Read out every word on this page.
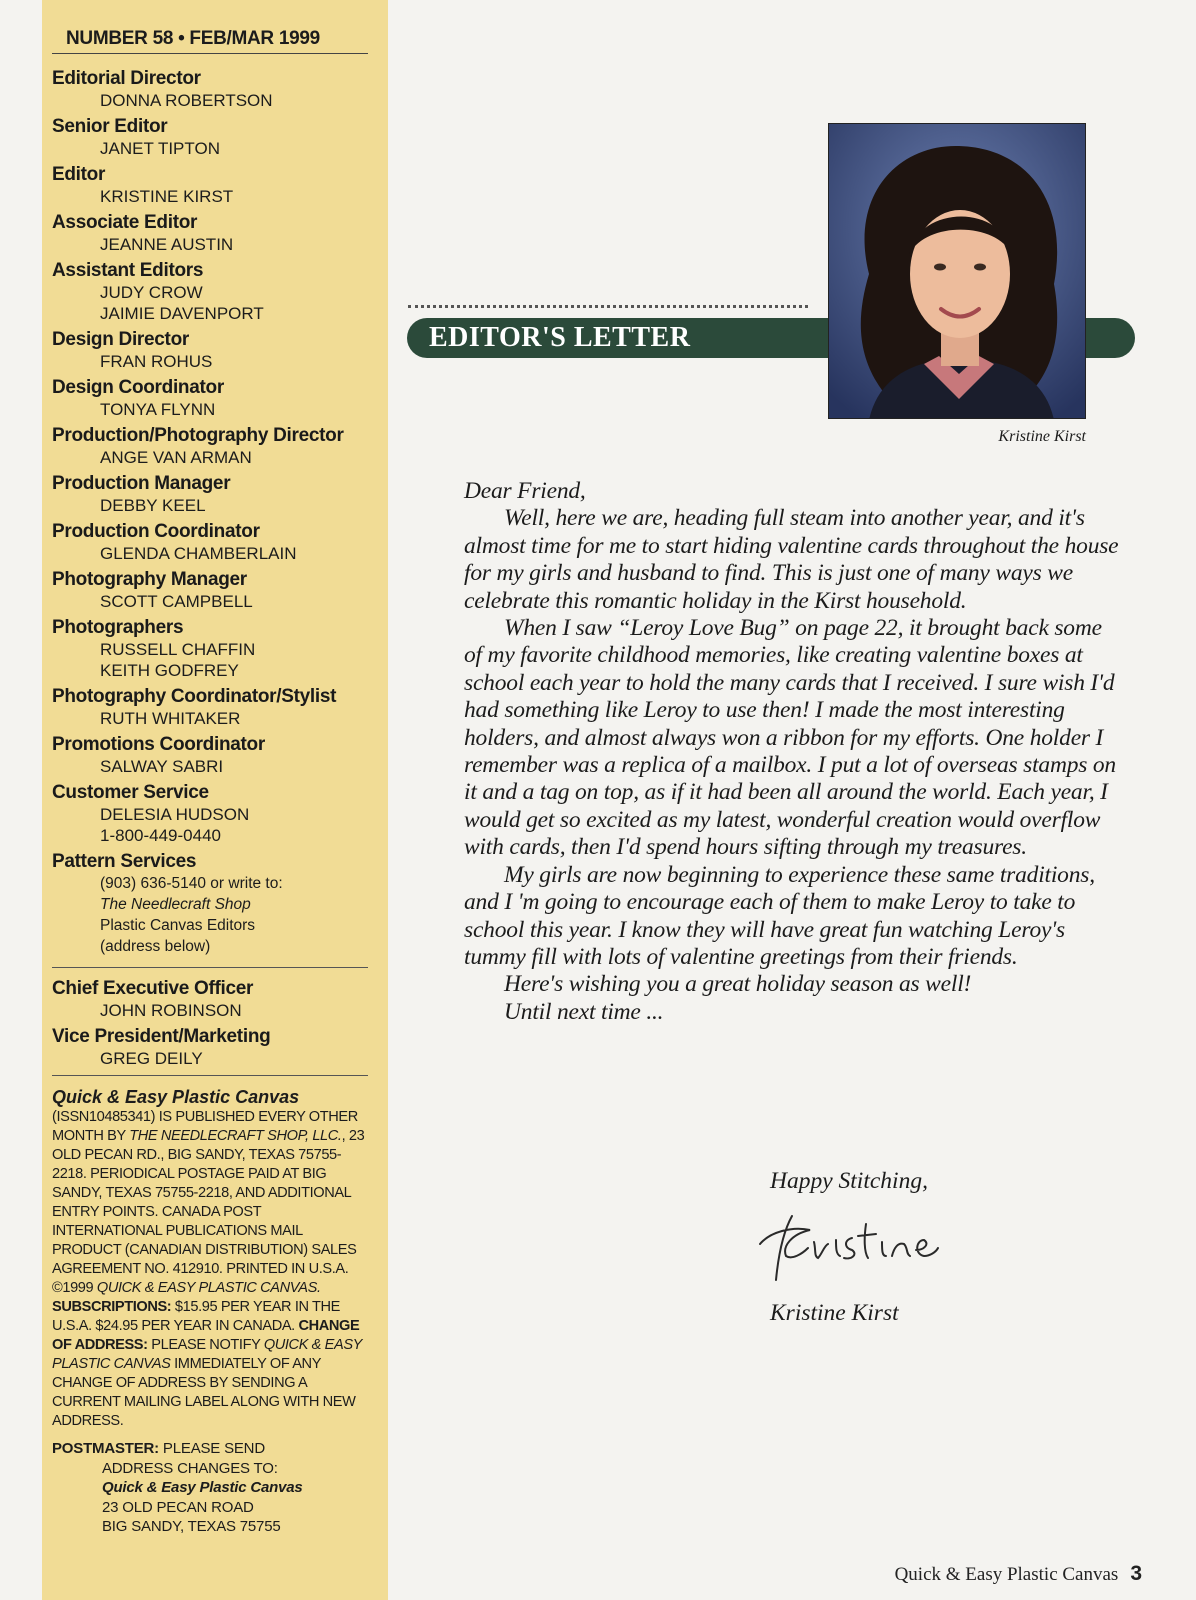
NUMBER 58 • FEB/MAR 1999
Editorial Director
DONNA ROBERTSON
Senior Editor
JANET TIPTON
Editor
KRISTINE KIRST
Associate Editor
JEANNE AUSTIN
Assistant Editors
JUDY CROW
JAIMIE DAVENPORT
Design Director
FRAN ROHUS
Design Coordinator
TONYA FLYNN
Production/Photography Director
ANGE VAN ARMAN
Production Manager
DEBBY KEEL
Production Coordinator
GLENDA CHAMBERLAIN
Photography Manager
SCOTT CAMPBELL
Photographers
RUSSELL CHAFFIN
KEITH GODFREY
Photography Coordinator/Stylist
RUTH WHITAKER
Promotions Coordinator
SALWAY SABRI
Customer Service
DELESIA HUDSON
1-800-449-0440
Pattern Services
(903) 636-5140 or write to:
The Needlecraft Shop
Plastic Canvas Editors
(address below)
Chief Executive Officer
JOHN ROBINSON
Vice President/Marketing
GREG DEILY
Quick & Easy Plastic Canvas
(ISSN10485341) IS PUBLISHED EVERY OTHER MONTH BY THE NEEDLECRAFT SHOP, LLC., 23 OLD PECAN RD., BIG SANDY, TEXAS 75755-2218. PERIODICAL POSTAGE PAID AT BIG SANDY, TEXAS 75755-2218, AND ADDITIONAL ENTRY POINTS. CANADA POST INTERNATIONAL PUBLICATIONS MAIL PRODUCT (CANADIAN DISTRIBUTION) SALES AGREEMENT NO. 412910. PRINTED IN U.S.A. ©1999 QUICK & EASY PLASTIC CANVAS. SUBSCRIPTIONS: $15.95 PER YEAR IN THE U.S.A. $24.95 PER YEAR IN CANADA. CHANGE OF ADDRESS: PLEASE NOTIFY QUICK & EASY PLASTIC CANVAS IMMEDIATELY OF ANY CHANGE OF ADDRESS BY SENDING A CURRENT MAILING LABEL ALONG WITH NEW ADDRESS.
POSTMASTER: PLEASE SEND
ADDRESS CHANGES TO:
Quick & Easy Plastic Canvas
23 OLD PECAN ROAD
BIG SANDY, TEXAS 75755
EDITOR'S LETTER
Kristine Kirst

Dear Friend,

Well, here we are, heading full steam into another year, and it's almost time for me to start hiding valentine cards throughout the house for my girls and husband to find. This is just one of many ways we celebrate this romantic holiday in the Kirst household.

When I saw “Leroy Love Bug” on page 22, it brought back some of my favorite childhood memories, like creating valentine boxes at school each year to hold the many cards that I received. I sure wish I'd had something like Leroy to use then! I made the most interesting holders, and almost always won a ribbon for my efforts. One holder I remember was a replica of a mailbox. I put a lot of overseas stamps on it and a tag on top, as if it had been all around the world. Each year, I would get so excited as my latest, wonderful creation would overflow with cards, then I'd spend hours sifting through my treasures.

My girls are now beginning to experience these same traditions, and I 'm going to encourage each of them to make Leroy to take to school this year. I know they will have great fun watching Leroy's tummy fill with lots of valentine greetings from their friends.

Here's wishing you a great holiday season as well!

Until next time ...

Happy Stitching,
Kristine Kirst
Quick & Easy Plastic Canvas 3
